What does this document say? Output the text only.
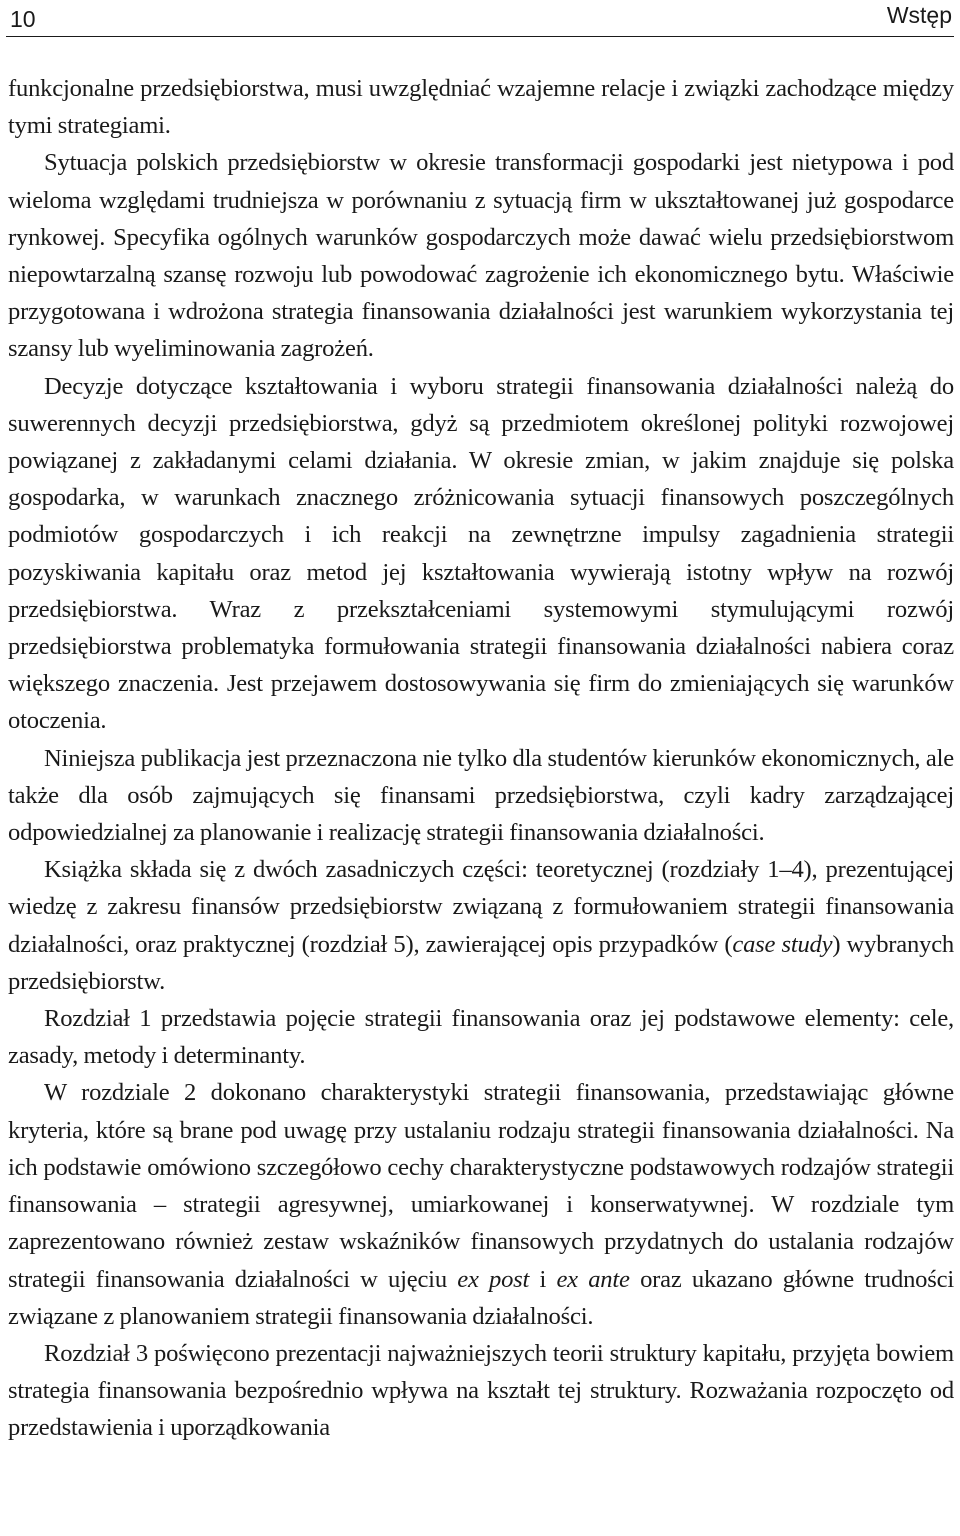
10	Wstęp

funkcjonalne przedsiębiorstwa, musi uwzględniać wzajemne relacje i związki zachodzące między tymi strategiami.

Sytuacja polskich przedsiębiorstw w okresie transformacji gospodarki jest nietypowa i pod wieloma względami trudniejsza w porównaniu z sytuacją firm w ukształtowanej już gospodarce rynkowej. Specyfika ogólnych warunków gospodarczych może dawać wielu przedsiębiorstwom niepowtarzalną szansę rozwoju lub powodować zagrożenie ich ekonomicznego bytu. Właściwie przygotowana i wdrożona strategia finansowania działalności jest warunkiem wykorzystania tej szansy lub wyeliminowania zagrożeń.

Decyzje dotyczące kształtowania i wyboru strategii finansowania działalności należą do suwerennych decyzji przedsiębiorstwa, gdyż są przedmiotem określonej polityki rozwojowej powiązanej z zakładanymi celami działania. W okresie zmian, w jakim znajduje się polska gospodarka, w warunkach znacznego zróżnicowania sytuacji finansowych poszczególnych podmiotów gospodarczych i ich reakcji na zewnętrzne impulsy zagadnienia strategii pozyskiwania kapitału oraz metod jej kształtowania wywierają istotny wpływ na rozwój przedsiębiorstwa. Wraz z przekształceniami systemowymi stymulującymi rozwój przedsiębiorstwa problematyka formułowania strategii finansowania działalności nabiera coraz większego znaczenia. Jest przejawem dostosowywania się firm do zmieniających się warunków otoczenia.

Niniejsza publikacja jest przeznaczona nie tylko dla studentów kierunków ekonomicznych, ale także dla osób zajmujących się finansami przedsiębiorstwa, czyli kadry zarządzającej odpowiedzialnej za planowanie i realizację strategii finansowania działalności.

Książka składa się z dwóch zasadniczych części: teoretycznej (rozdziały 1–4), prezentującej wiedzę z zakresu finansów przedsiębiorstw związaną z formułowaniem strategii finansowania działalności, oraz praktycznej (rozdział 5), zawierającej opis przypadków (case study) wybranych przedsiębiorstw.

Rozdział 1 przedstawia pojęcie strategii finansowania oraz jej podstawowe elementy: cele, zasady, metody i determinanty.

W rozdziale 2 dokonano charakterystyki strategii finansowania, przedstawiając główne kryteria, które są brane pod uwagę przy ustalaniu rodzaju strategii finansowania działalności. Na ich podstawie omówiono szczegółowo cechy charakterystyczne podstawowych rodzajów strategii finansowania – strategii agresywnej, umiarkowanej i konserwatywnej. W rozdziale tym zaprezentowano również zestaw wskaźników finansowych przydatnych do ustalania rodzajów strategii finansowania działalności w ujęciu ex post i ex ante oraz ukazano główne trudności związane z planowaniem strategii finansowania działalności.

Rozdział 3 poświęcono prezentacji najważniejszych teorii struktury kapitału, przyjęta bowiem strategia finansowania bezpośrednio wpływa na kształt tej struktury. Rozważania rozpoczęto od przedstawienia i uporządkowania
